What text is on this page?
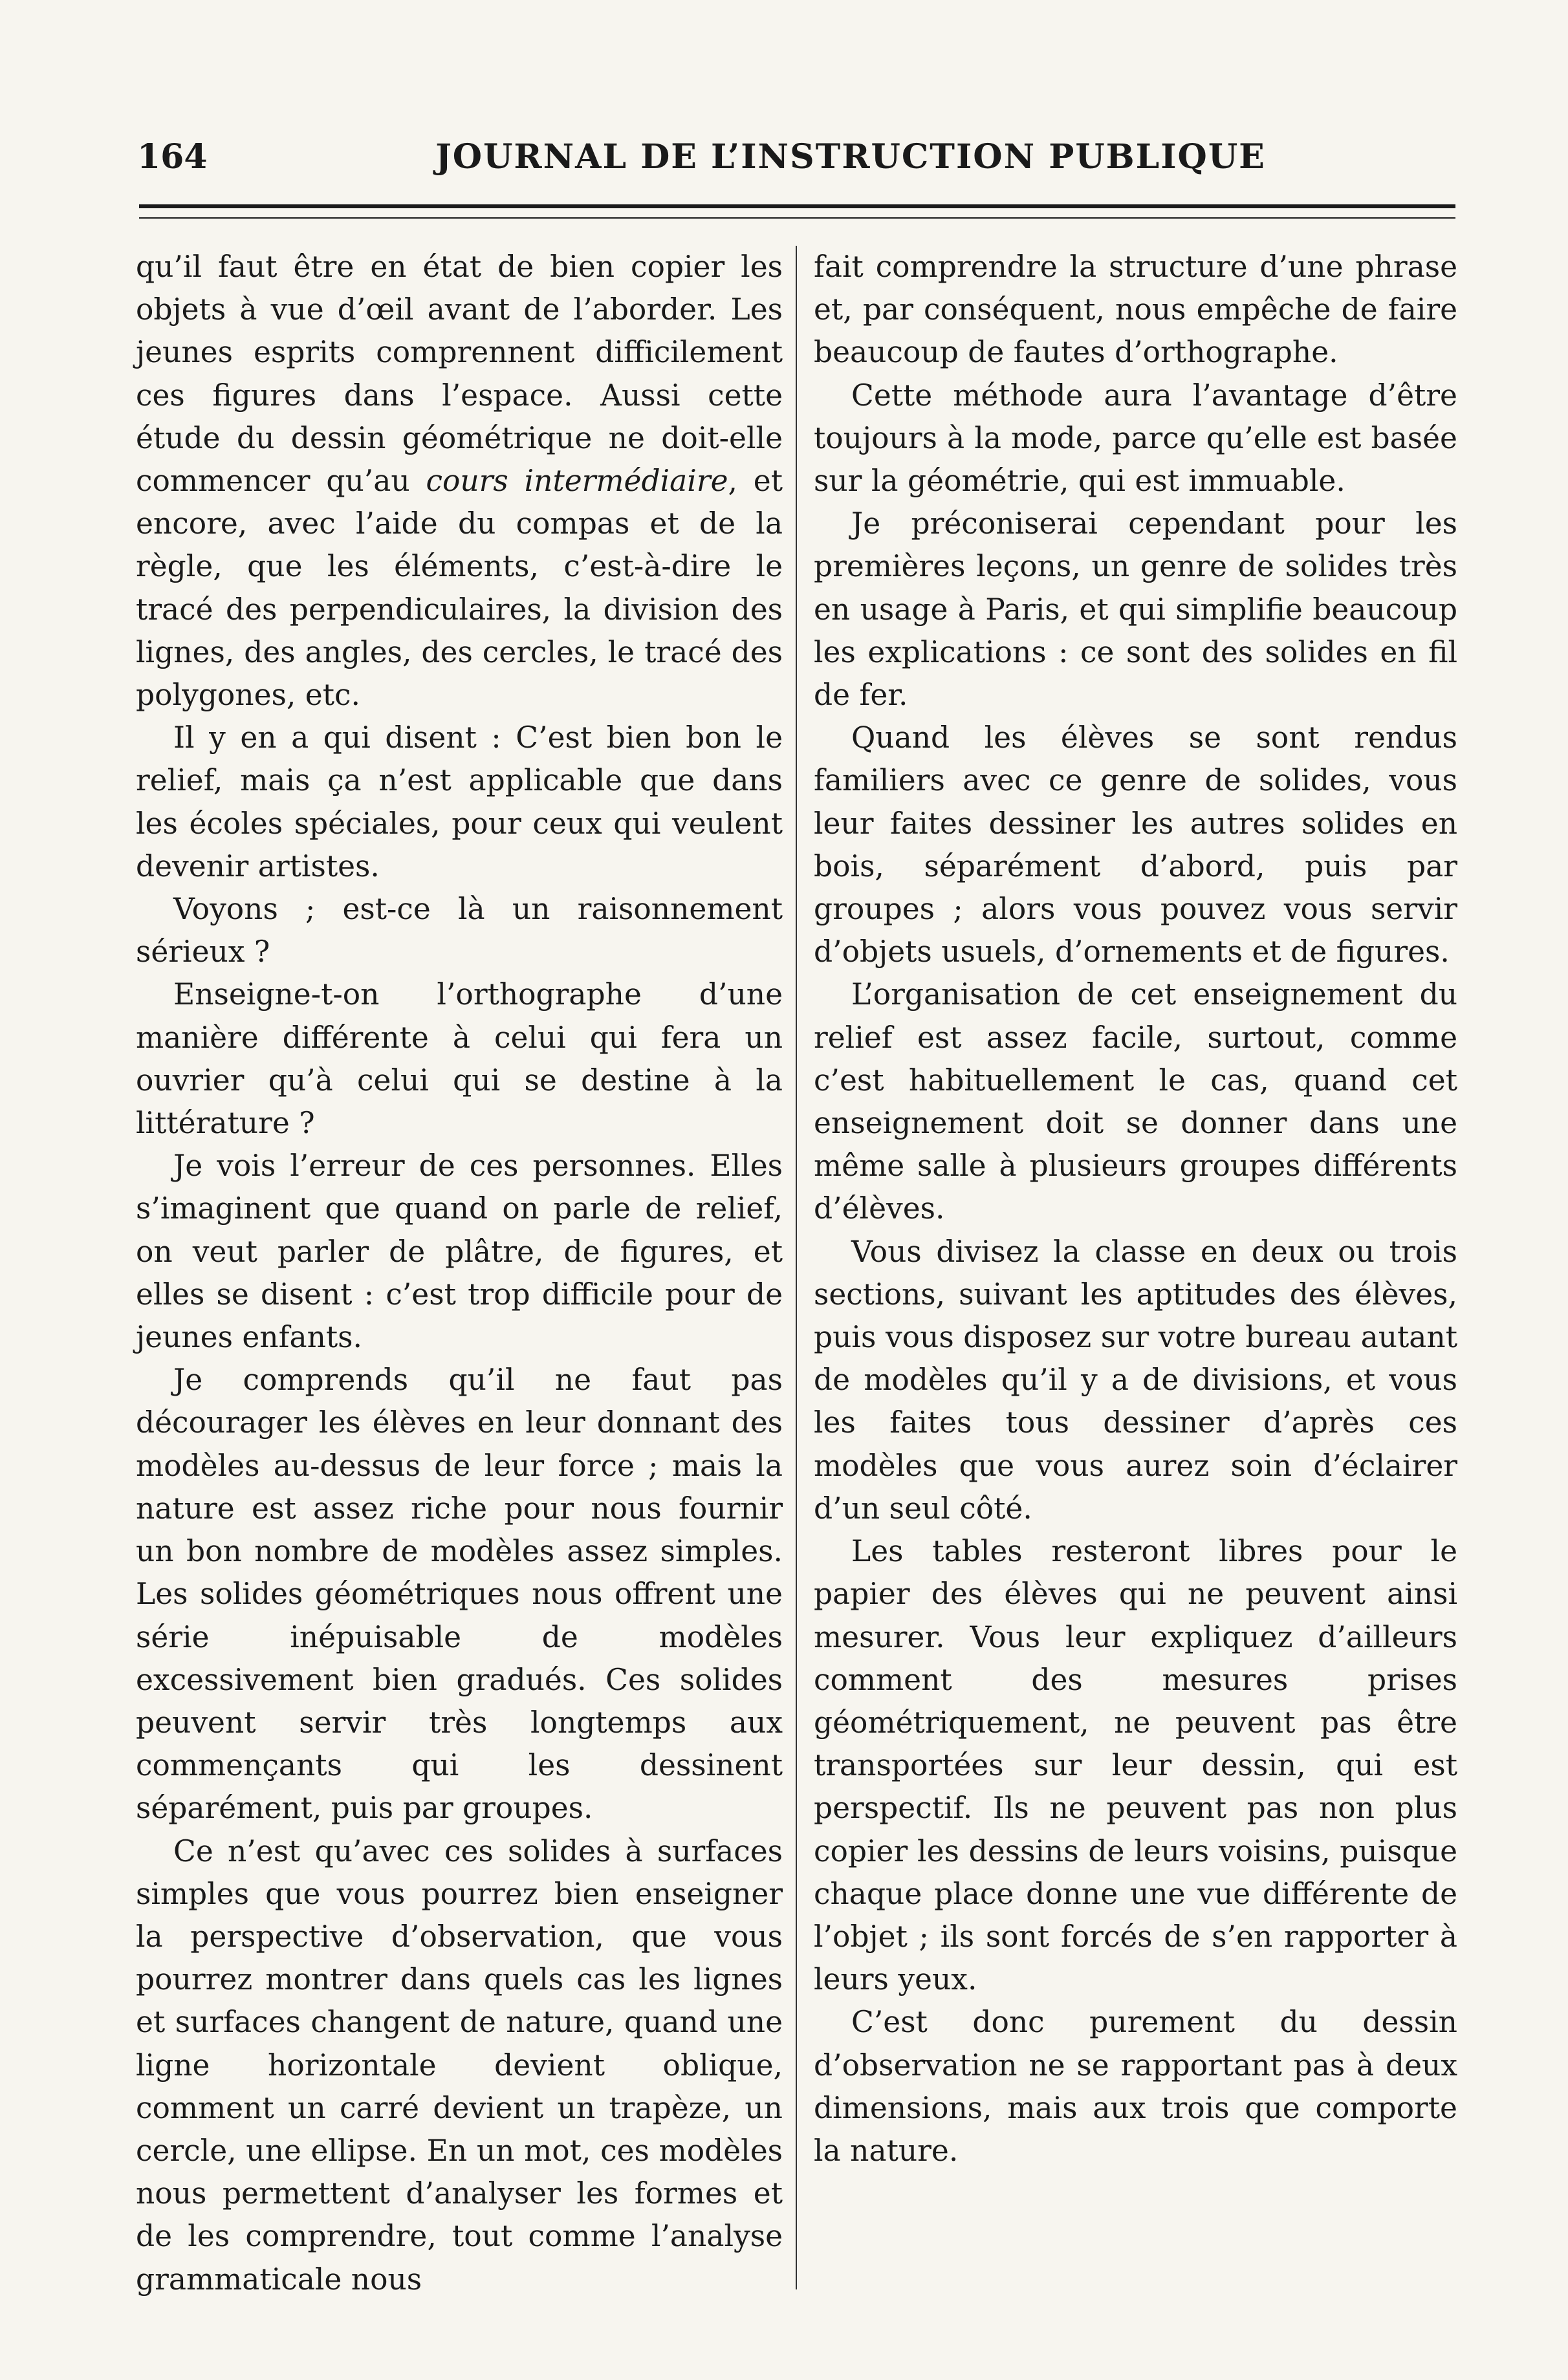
164	JOURNAL DE L’INSTRUCTION PUBLIQUE

qu’il faut être en état de bien copier les objets à vue d’œil avant de l’aborder. Les jeunes esprits comprennent difficilement ces figures dans l’espace. Aussi cette étude du dessin géométrique ne doit-elle commencer qu’au cours intermédiaire, et encore, avec l’aide du compas et de la règle, que les éléments, c’est-à-dire le tracé des perpendiculaires, la division des lignes, des angles, des cercles, le tracé des polygones, etc.

Il y en a qui disent : C’est bien bon le relief, mais ça n’est applicable que dans les écoles spéciales, pour ceux qui veulent devenir artistes.

Voyons ; est-ce là un raisonnement sérieux ?

Enseigne-t-on l’orthographe d’une manière différente à celui qui fera un ouvrier qu’à celui qui se destine à la littérature ?

Je vois l’erreur de ces personnes. Elles s’imaginent que quand on parle de relief, on veut parler de plâtre, de figures, et elles se disent : c’est trop difficile pour de jeunes enfants.

Je comprends qu’il ne faut pas décourager les élèves en leur donnant des modèles au-dessus de leur force ; mais la nature est assez riche pour nous fournir un bon nombre de modèles assez simples. Les solides géométriques nous offrent une série inépuisable de modèles excessivement bien gradués. Ces solides peuvent servir très longtemps aux commençants qui les dessinent séparément, puis par groupes.

Ce n’est qu’avec ces solides à surfaces simples que vous pourrez bien enseigner la perspective d’observation, que vous pourrez montrer dans quels cas les lignes et surfaces changent de nature, quand une ligne horizontale devient oblique, comment un carré devient un trapèze, un cercle, une ellipse. En un mot, ces modèles nous permettent d’analyser les formes et de les comprendre, tout comme l’analyse grammaticale nous

fait comprendre la structure d’une phrase et, par conséquent, nous empêche de faire beaucoup de fautes d’orthographe.

Cette méthode aura l’avantage d’être toujours à la mode, parce qu’elle est basée sur la géométrie, qui est immuable.

Je préconiserai cependant pour les premières leçons, un genre de solides très en usage à Paris, et qui simplifie beaucoup les explications : ce sont des solides en fil de fer.

Quand les élèves se sont rendus familiers avec ce genre de solides, vous leur faites dessiner les autres solides en bois, séparément d’abord, puis par groupes ; alors vous pouvez vous servir d’objets usuels, d’ornements et de figures.

L’organisation de cet enseignement du relief est assez facile, surtout, comme c’est habituellement le cas, quand cet enseignement doit se donner dans une même salle à plusieurs groupes différents d’élèves.

Vous divisez la classe en deux ou trois sections, suivant les aptitudes des élèves, puis vous disposez sur votre bureau autant de modèles qu’il y a de divisions, et vous les faites tous dessiner d’après ces modèles que vous aurez soin d’éclairer d’un seul côté.

Les tables resteront libres pour le papier des élèves qui ne peuvent ainsi mesurer. Vous leur expliquez d’ailleurs comment des mesures prises géométriquement, ne peuvent pas être transportées sur leur dessin, qui est perspectif. Ils ne peuvent pas non plus copier les dessins de leurs voisins, puisque chaque place donne une vue différente de l’objet ; ils sont forcés de s’en rapporter à leurs yeux.

C’est donc purement du dessin d’observation ne se rapportant pas à deux dimensions, mais aux trois que comporte la nature.
